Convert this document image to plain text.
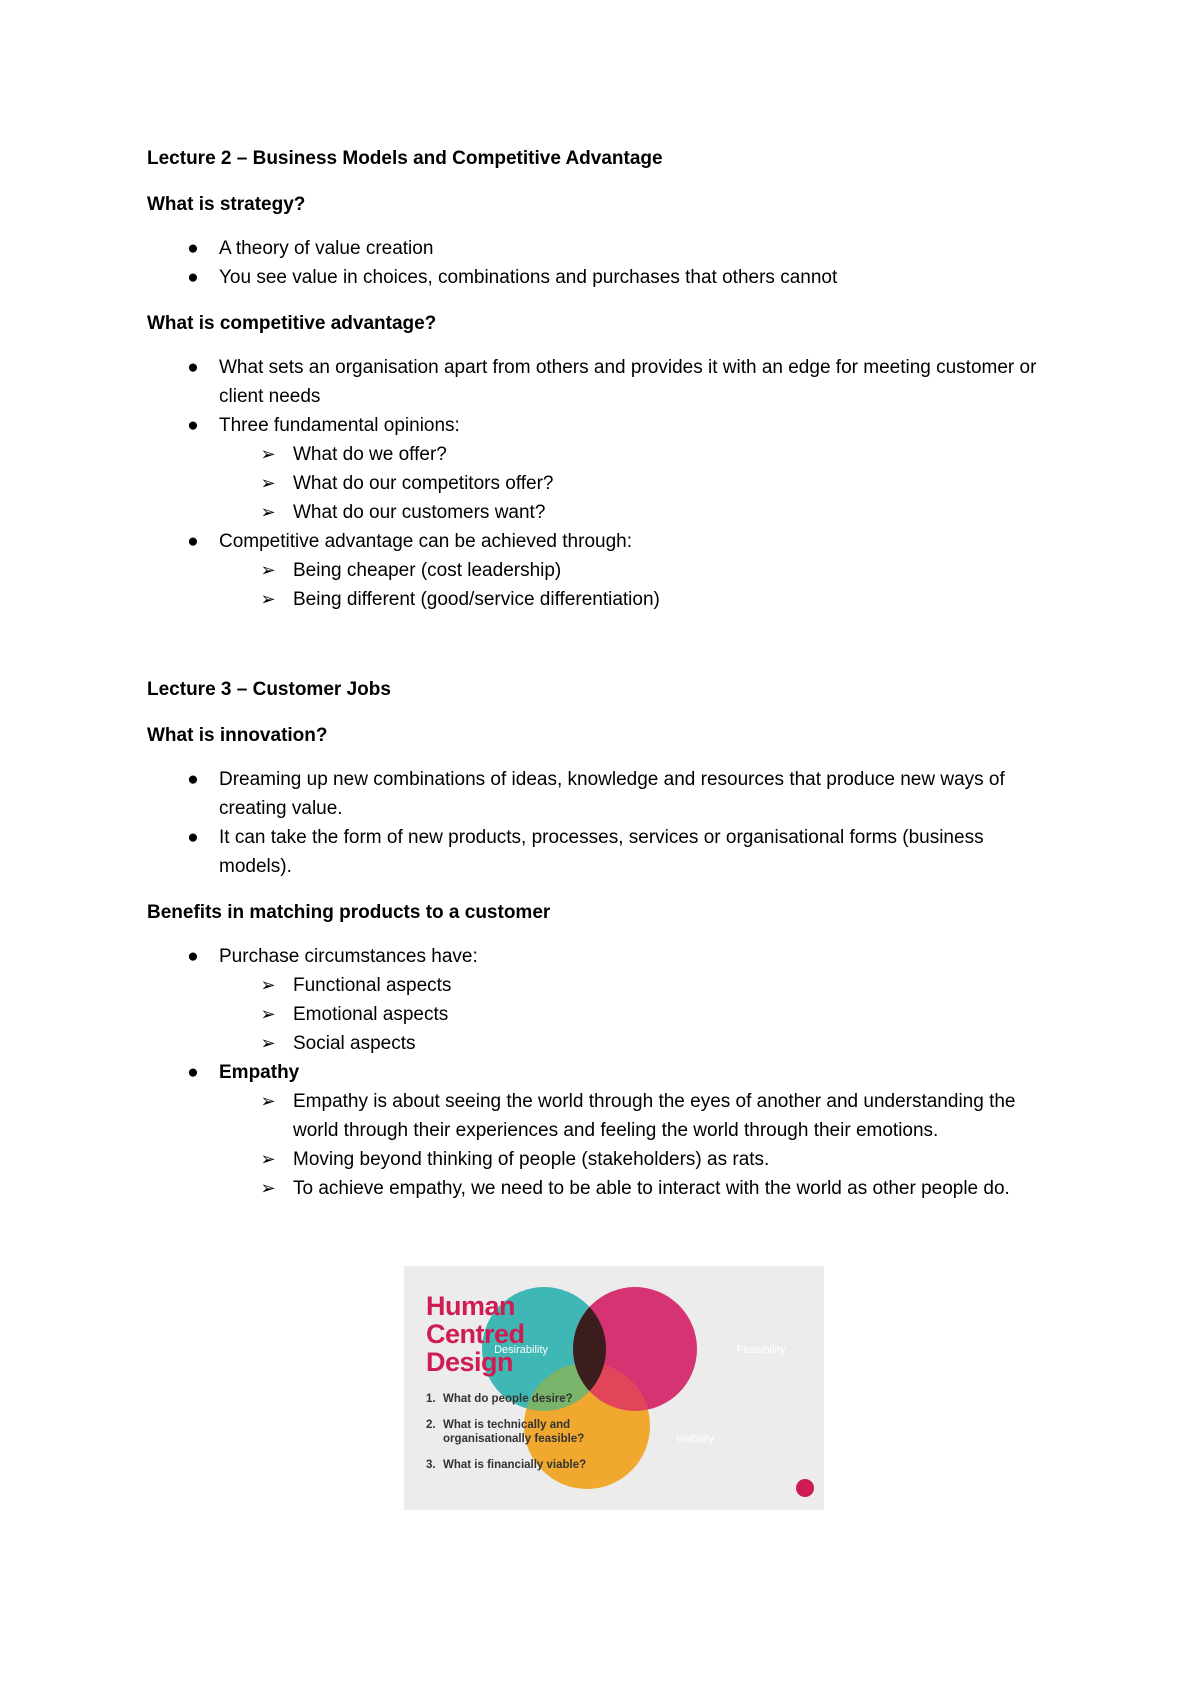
Lecture 2 – Business Models and Competitive Advantage

What is strategy?

● A theory of value creation
● You see value in choices, combinations and purchases that others cannot

What is competitive advantage?

● What sets an organisation apart from others and provides it with an edge for meeting customer or client needs
● Three fundamental opinions:
➢ What do we offer?
➢ What do our competitors offer?
➢ What do our customers want?
● Competitive advantage can be achieved through:
➢ Being cheaper (cost leadership)
➢ Being different (good/service differentiation)

Lecture 3 – Customer Jobs

What is innovation?

● Dreaming up new combinations of ideas, knowledge and resources that produce new ways of creating value.
● It can take the form of new products, processes, services or organisational forms (business models).

Benefits in matching products to a customer

● Purchase circumstances have:
➢ Functional aspects
➢ Emotional aspects
➢ Social aspects
● Empathy
➢ Empathy is about seeing the world through the eyes of another and understanding the world through their experiences and feeling the world through their emotions.
➢ Moving beyond thinking of people (stakeholders) as rats.
➢ To achieve empathy, we need to be able to interact with the world as other people do.
Desirability	Feasibility
Viability
Human
Centred
Design
1. What do people desire?
2. What is technically and organisationally feasible?
3. What is financially viable?
